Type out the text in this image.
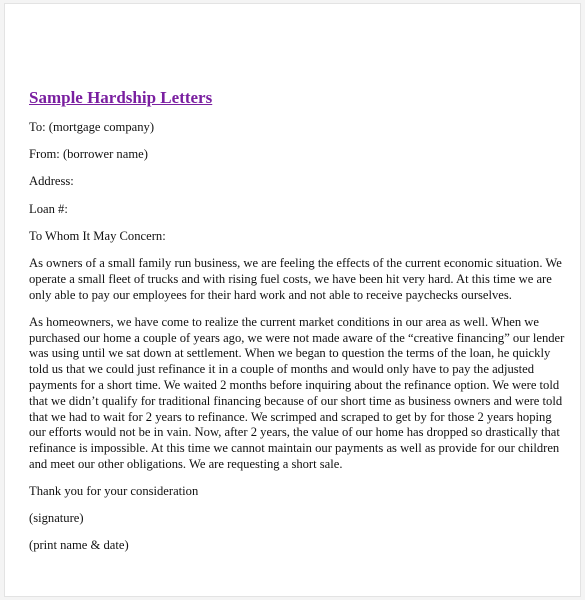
Sample Hardship Letters
To: (mortgage company)
From: (borrower name)
Address:
Loan #:
To Whom It May Concern:
As owners of a small family run business, we are feeling the effects of the current economic situation. We operate a small fleet of trucks and with rising fuel costs, we have been hit very hard. At this time we are only able to pay our employees for their hard work and not able to receive paychecks ourselves.
As homeowners, we have come to realize the current market conditions in our area as well. When we purchased our home a couple of years ago, we were not made aware of the “creative financing” our lender was using until we sat down at settlement. When we began to question the terms of the loan, he quickly told us that we could just refinance it in a couple of months and would only have to pay the adjusted payments for a short time. We waited 2 months before inquiring about the refinance option. We were told that we didn’t qualify for traditional financing because of our short time as business owners and were told that we had to wait for 2 years to refinance. We scrimped and scraped to get by for those 2 years hoping our efforts would not be in vain. Now, after 2 years, the value of our home has dropped so drastically that refinance is impossible. At this time we cannot maintain our payments as well as provide for our children and meet our other obligations. We are requesting a short sale.
Thank you for your consideration
(signature)
(print name & date)
